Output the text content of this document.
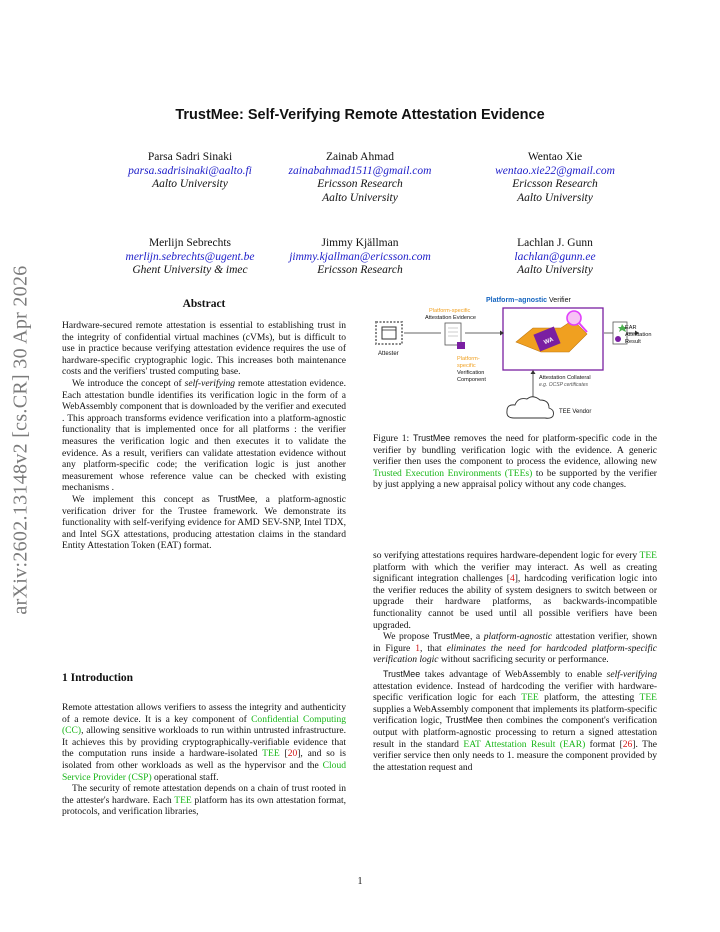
arXiv:2602.13148v2 [cs.CR] 30 Apr 2026
TrustMee: Self-Verifying Remote Attestation Evidence
Parsa Sadri Sinaki
parsa.sadrisinaki@aalto.fi
Aalto University
Zainab Ahmad
zainabahmad1511@gmail.com
Ericsson Research
Aalto University
Wentao Xie
wentao.xie22@gmail.com
Ericsson Research
Aalto University
Merlijn Sebrechts
merlijn.sebrechts@ugent.be
Ghent University & imec
Jimmy Kjällman
jimmy.kjallman@ericsson.com
Ericsson Research
Lachlan J. Gunn
lachlan@gunn.ee
Aalto University
Abstract

Hardware-secured remote attestation is essential to establishing trust in the integrity of confidential virtual machines (cVMs), but is difficult to use in practice because verifying attestation evidence requires the use of hardware-specific cryptographic logic. This increases both maintenance costs and the verifiers' trusted computing base.

We introduce the concept of self-verifying remote attestation evidence. Each attestation bundle identifies its verification logic in the form of a WebAssembly component that is downloaded by the verifier and executed . This approach transforms evidence verification into a platform-agnostic functionality that is implemented once for all platforms : the verifier measures the verification logic and then executes it to validate the evidence. As a result, verifiers can validate attestation evidence without any platform-specific code; the verification logic is just another measurement whose reference value can be checked with existing mechanisms .

We implement this concept as TrustMee, a platform-agnostic verification driver for the Trustee framework. We demonstrate its functionality with self-verifying evidence for AMD SEV-SNP, Intel TDX, and Intel SGX attestations, producing attestation claims in the standard Entity Attestation Token (EAT) format.

1 Introduction

Remote attestation allows verifiers to assess the integrity and authenticity of a remote device. It is a key component of Confidential Computing (CC), allowing sensitive workloads to run within untrusted infrastructure. It achieves this by providing cryptographically-verifiable evidence that the computation runs inside a hardware-isolated TEE [20], and so is isolated from other workloads as well as the hypervisor and the Cloud Service Provider (CSP) operational staff.

The security of remote attestation depends on a chain of trust rooted in the attester's hardware. Each TEE platform has its own attestation format, protocols, and verification libraries,

Platform–agnostic Verifier
WA
Attester
Platform-specific
Attestation Evidence
Platform-
specific
Verification
Component	Attestation Collateral
e.g. OCSP certificates
TEE Vendor
EAR
Attestation
Result
Figure 1: TrustMee removes the need for platform-specific code in the verifier by bundling verification logic with the evidence. A generic verifier then uses the component to process the evidence, allowing new Trusted Execution Environments (TEEs) to be supported by the verifier by just applying a new appraisal policy without any code changes.

so verifying attestations requires hardware-dependent logic for every TEE platform with which the verifier may interact. As well as creating significant integration challenges [4], hardcoding verification logic into the verifier reduces the ability of system designers to switch between or upgrade their hardware platforms, as backwards-incompatible functionality cannot be used until all possible verifiers have been upgraded.

We propose TrustMee, a platform-agnostic attestation verifier, shown in Figure 1, that eliminates the need for hardcoded platform-specific verification logic without sacrificing security or performance.

TrustMee takes advantage of WebAssembly to enable self-verifying attestation evidence. Instead of hardcoding the verifier with hardware-specific verification logic for each TEE platform, the attesting TEE supplies a WebAssembly component that implements its platform-specific verification logic, TrustMee then combines the component's verification output with platform-agnostic processing to return a signed attestation result in the standard EAT Attestation Result (EAR) format [26]. The verifier service then only needs to 1. measure the component provided by the attestation request and

1
